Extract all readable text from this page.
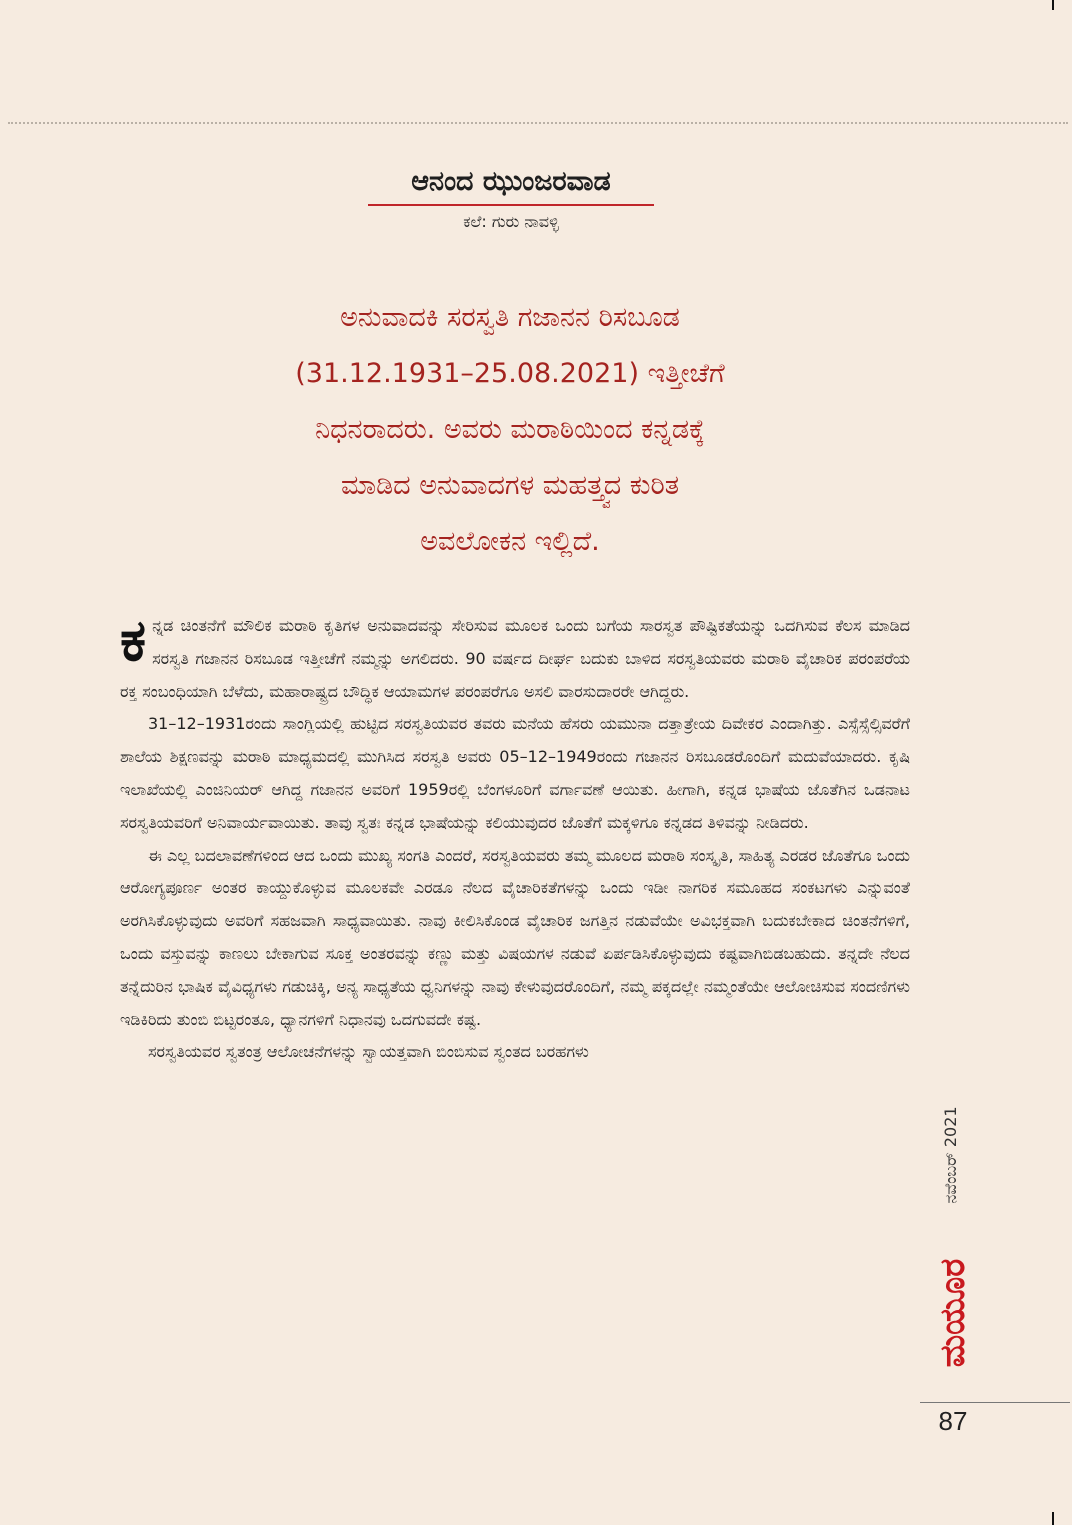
ಆನಂದ ಝುಂಜರವಾಡ
ಕಲೆ: ಗುರು ನಾವಳ್ಳಿ
ಅನುವಾದಕಿ ಸರಸ್ವತಿ ಗಜಾನನ ರಿಸಬೂಡ
(31.12.1931–25.08.2021) ಇತ್ತೀಚೆಗೆ
ನಿಧನರಾದರು. ಅವರು ಮರಾಠಿಯಿಂದ ಕನ್ನಡಕ್ಕೆ
ಮಾಡಿದ ಅನುವಾದಗಳ ಮಹತ್ತ್ವದ ಕುರಿತ
ಅವಲೋಕನ ಇಲ್ಲಿದೆ.

ಕನ್ನಡ ಚಿಂತನೆಗೆ ಮೌಲಿಕ ಮರಾಠಿ ಕೃತಿಗಳ ಅನುವಾದವನ್ನು ಸೇರಿಸುವ ಮೂಲಕ ಒಂದು ಬಗೆಯ ಸಾರಸ್ವತ ಪೌಷ್ಟಿಕತೆಯನ್ನು ಒದಗಿಸುವ ಕೆಲಸ ಮಾಡಿದ ಸರಸ್ವತಿ ಗಜಾನನ ರಿಸಬೂಡ ಇತ್ತೀಚೆಗೆ ನಮ್ಮನ್ನು ಅಗಲಿದರು. 90 ವರ್ಷದ ದೀರ್ಘ ಬದುಕು ಬಾಳಿದ ಸರಸ್ವತಿಯವರು ಮರಾಠಿ ವೈಚಾರಿಕ ಪರಂಪರೆಯ ರಕ್ತ ಸಂಬಂಧಿಯಾಗಿ ಬೆಳೆದು, ಮಹಾರಾಷ್ಟ್ರದ ಬೌದ್ಧಿಕ ಆಯಾಮಗಳ ಪರಂಪರೆಗೂ ಅಸಲಿ ವಾರಸುದಾರರೇ ಆಗಿದ್ದರು.

31–12–1931ರಂದು ಸಾಂಗ್ಲಿಯಲ್ಲಿ ಹುಟ್ಟಿದ ಸರಸ್ವತಿಯವರ ತವರು ಮನೆಯ ಹೆಸರು ಯಮುನಾ ದತ್ತಾತ್ರೇಯ ದಿವೇಕರ ಎಂದಾಗಿತ್ತು. ಎಸ್ಸೆಸ್ಸೆಲ್ಸಿವರೆಗೆ ಶಾಲೆಯ ಶಿಕ್ಷಣವನ್ನು ಮರಾಠಿ ಮಾಧ್ಯಮದಲ್ಲಿ ಮುಗಿಸಿದ ಸರಸ್ವತಿ ಅವರು 05–12–1949ರಂದು ಗಜಾನನ ರಿಸಬೂಡರೊಂದಿಗೆ ಮದುವೆಯಾದರು. ಕೃಷಿ ಇಲಾಖೆಯಲ್ಲಿ ಎಂಜಿನಿಯರ್ ಆಗಿದ್ದ ಗಜಾನನ ಅವರಿಗೆ 1959ರಲ್ಲಿ ಬೆಂಗಳೂರಿಗೆ ವರ್ಗಾವಣೆ ಆಯಿತು. ಹೀಗಾಗಿ, ಕನ್ನಡ ಭಾಷೆಯ ಜೊತೆಗಿನ ಒಡನಾಟ ಸರಸ್ವತಿಯವರಿಗೆ ಅನಿವಾರ್ಯವಾಯಿತು. ತಾವು ಸ್ವತಃ ಕನ್ನಡ ಭಾಷೆಯನ್ನು ಕಲಿಯುವುದರ ಜೊತೆಗೆ ಮಕ್ಕಳಿಗೂ ಕನ್ನಡದ ತಿಳಿವನ್ನು ನೀಡಿದರು.

ಈ ಎಲ್ಲ ಬದಲಾವಣೆಗಳಿಂದ ಆದ ಒಂದು ಮುಖ್ಯ ಸಂಗತಿ ಎಂದರೆ, ಸರಸ್ವತಿಯವರು ತಮ್ಮ ಮೂಲದ ಮರಾಠಿ ಸಂಸ್ಕೃತಿ, ಸಾಹಿತ್ಯ ಎರಡರ ಜೊತೆಗೂ ಒಂದು ಆರೋಗ್ಯಪೂರ್ಣ ಅಂತರ ಕಾಯ್ದುಕೊಳ್ಳುವ ಮೂಲಕವೇ ಎರಡೂ ನೆಲದ ವೈಚಾರಿಕತೆಗಳನ್ನು ಒಂದು ಇಡೀ ನಾಗರಿಕ ಸಮೂಹದ ಸಂಕಟಗಳು ಎನ್ನುವಂತೆ ಅರಗಿಸಿಕೊಳ್ಳುವುದು ಅವರಿಗೆ ಸಹಜವಾಗಿ ಸಾಧ್ಯವಾಯಿತು. ನಾವು ಕೀಲಿಸಿಕೊಂಡ ವೈಚಾರಿಕ ಜಗತ್ತಿನ ನಡುವೆಯೇ ಅವಿಭಕ್ತವಾಗಿ ಬದುಕಬೇಕಾದ ಚಿಂತನೆಗಳಿಗೆ, ಒಂದು ವಸ್ತುವನ್ನು ಕಾಣಲು ಬೇಕಾಗುವ ಸೂಕ್ತ ಅಂತರವನ್ನು ಕಣ್ಣು ಮತ್ತು ವಿಷಯಗಳ ನಡುವೆ ಏರ್ಪಡಿಸಿಕೊಳ್ಳುವುದು ಕಷ್ಟವಾಗಿಬಿಡಬಹುದು. ತನ್ನದೇ ನೆಲದ ತನ್ನೆದುರಿನ ಭಾಷಿಕ ವೈವಿಧ್ಯಗಳು ಗಡುಚಿಕ್ಕಿ, ಅನ್ಯ ಸಾಧ್ಯತೆಯ ಧ್ವನಿಗಳನ್ನು ನಾವು ಕೇಳುವುದರೊಂದಿಗೆ, ನಮ್ಮ ಪಕ್ಕದಲ್ಲೇ ನಮ್ಮಂತೆಯೇ ಆಲೋಚಿಸುವ ಸಂದಣಿಗಳು ಇಡಿಕಿರಿದು ತುಂಬಿ ಬಿಟ್ಟರಂತೂ, ಧ್ಯಾನಗಳಿಗೆ ನಿಧಾನವು ಒದಗುವದೇ ಕಷ್ಟ.

ಸರಸ್ವತಿಯವರ ಸ್ವತಂತ್ರ ಆಲೋಚನೆಗಳನ್ನು ಸ್ವಾಯತ್ತವಾಗಿ ಬಿಂಬಿಸುವ ಸ್ವಂತದ ಬರಹಗಳು

ನವೆಂಬರ್ 2021
ಮಯೂರ
87
